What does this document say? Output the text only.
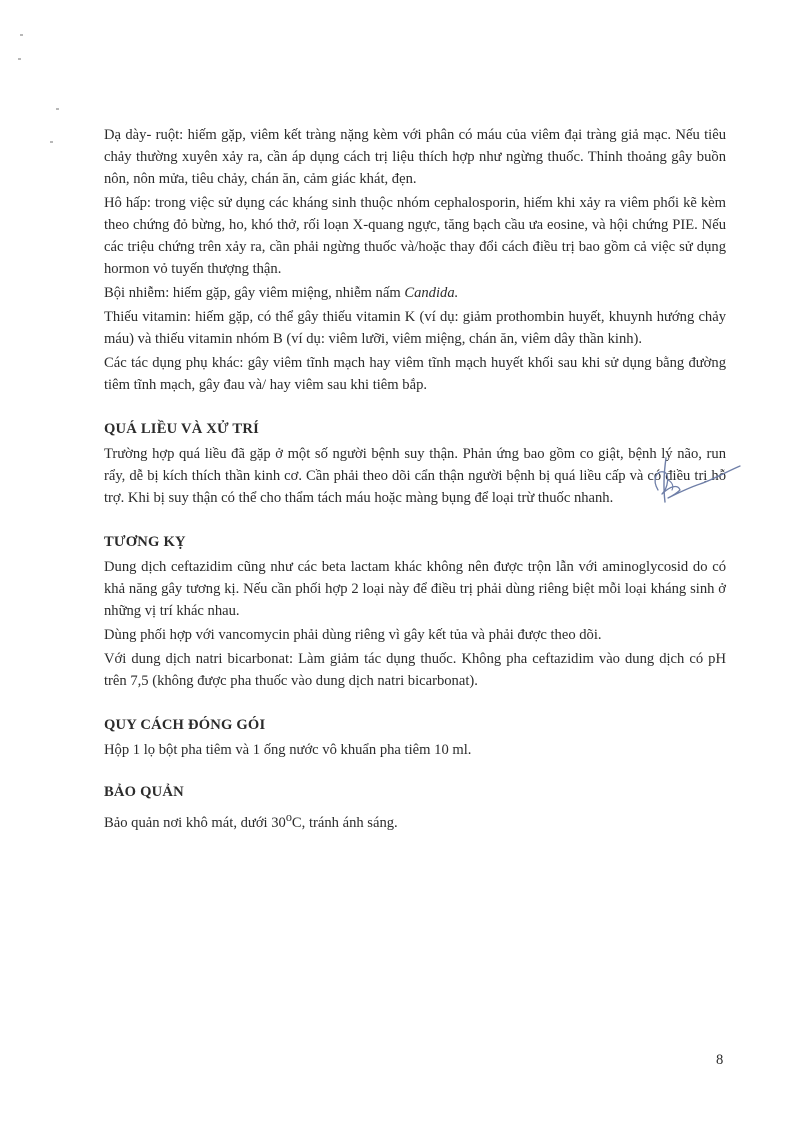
Dạ dày- ruột: hiếm gặp, viêm kết tràng nặng kèm với phân có máu của viêm đại tràng giả mạc. Nếu tiêu chảy thường xuyên xảy ra, cần áp dụng cách trị liệu thích hợp như ngừng thuốc. Thỉnh thoảng gây buồn nôn, nôn mửa, tiêu chảy, chán ăn, cảm giác khát, đẹn.

Hô hấp: trong việc sử dụng các kháng sinh thuộc nhóm cephalosporin, hiếm khi xảy ra viêm phổi kẽ kèm theo chứng đỏ bừng, ho, khó thở, rối loạn X-quang ngực, tăng bạch cầu ưa eosine, và hội chứng PIE. Nếu các triệu chứng trên xảy ra, cần phải ngừng thuốc và/hoặc thay đổi cách điều trị bao gồm cả việc sử dụng hormon vỏ tuyến thượng thận.

Bội nhiễm: hiếm gặp, gây viêm miệng, nhiễm nấm Candida.

Thiếu vitamin: hiếm gặp, có thể gây thiếu vitamin K (ví dụ: giảm prothombin huyết, khuynh hướng chảy máu) và thiếu vitamin nhóm B (ví dụ: viêm lưỡi, viêm miệng, chán ăn, viêm dây thần kinh).

Các tác dụng phụ khác: gây viêm tĩnh mạch hay viêm tĩnh mạch huyết khối sau khi sử dụng bằng đường tiêm tĩnh mạch, gây đau và/ hay viêm sau khi tiêm bắp.

QUÁ LIỀU VÀ XỬ TRÍ

Trường hợp quá liều đã gặp ở một số người bệnh suy thận. Phản ứng bao gồm co giật, bệnh lý não, run rẩy, dễ bị kích thích thần kinh cơ. Cần phải theo dõi cẩn thận người bệnh bị quá liều cấp và có điều trị hỗ trợ. Khi bị suy thận có thể cho thẩm tách máu hoặc màng bụng để loại trừ thuốc nhanh.

TƯƠNG KỴ

Dung dịch ceftazidim cũng như các beta lactam khác không nên được trộn lẫn với aminoglycosid do có khả năng gây tương kị. Nếu cần phối hợp 2 loại này để điều trị phải dùng riêng biệt mỗi loại kháng sinh ở những vị trí khác nhau.

Dùng phối hợp với vancomycin phải dùng riêng vì gây kết tủa và phải được theo dõi.

Với dung dịch natri bicarbonat: Làm giảm tác dụng thuốc. Không pha ceftazidim vào dung dịch có pH trên 7,5 (không được pha thuốc vào dung dịch natri bicarbonat).

QUY CÁCH ĐÓNG GÓI

Hộp 1 lọ bột pha tiêm và 1 ống nước vô khuẩn pha tiêm 10 ml.

BẢO QUẢN

Bảo quản nơi khô mát, dưới 30$^o$C, tránh ánh sáng.

8
